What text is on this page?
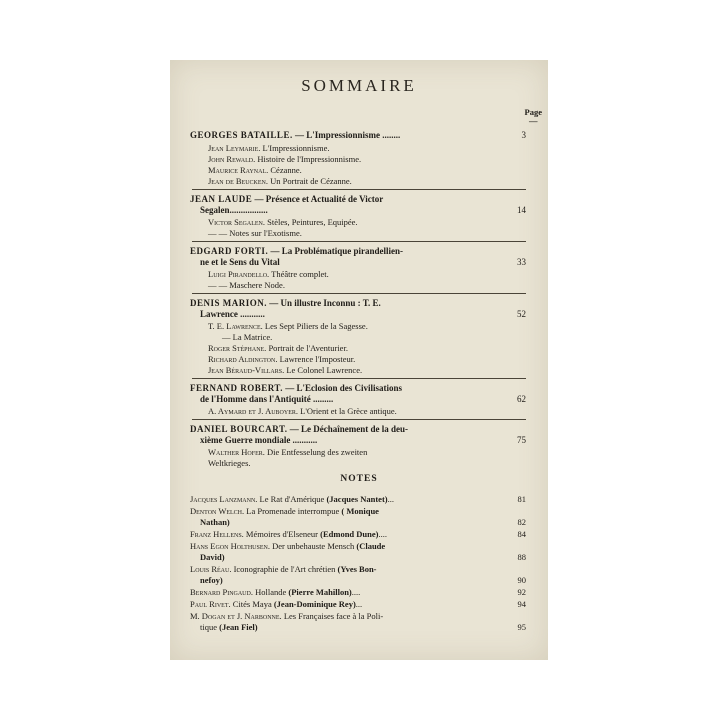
SOMMAIRE
Page
—
GEORGES BATAILLE. — L'Impressionnisme ........	3
Jean Leymarie. L'Impressionnisme.
John Rewald. Histoire de l'Impressionnisme.
Maurice Raynal. Cézanne.
Jean de Beucken. Un Portrait de Cézanne.
JEAN LAUDE — Présence et Actualité de Victor
Segalen.................	14
Victor Segalen. Stèles, Peintures, Equipée.
— — Notes sur l'Exotisme.
EDGARD FORTI. — La Problématique pirandellien-
ne et le Sens du Vital	33
Luigi Pirandello. Théâtre complet.
— — Maschere Node.
DENIS MARION. — Un illustre Inconnu : T. E.
Lawrence ...........	52
T. E. Lawrence. Les Sept Piliers de la Sagesse.
— La Matrice.
Roger Stéphane. Portrait de l'Aventurier.
Richard Aldington. Lawrence l'Imposteur.
Jean Béraud-Villars. Le Colonel Lawrence.
FERNAND ROBERT. — L'Eclosion des Civilisations
de l'Homme dans l'Antiquité .........	62
A. Aymard et J. Auboyer. L'Orient et la Grèce antique.
DANIEL BOURCART. — Le Déchaînement de la deu-
xième Guerre mondiale ...........	75
Walther Hofer. Die Entfesselung des zweiten
Weltkrieges.
NOTES
Jacques Lanzmann. Le Rat d'Amérique (Jacques Nantet)...	81
Denton Welch. La Promenade interrompue ( Monique
Nathan)	82
Franz Hellens. Mémoires d'Elseneur (Edmond Dune)....	84
Hans Egon Holthusen. Der unbehauste Mensch (Claude
David)	88
Louis Réau. Iconographie de l'Art chrétien (Yves Bon-
nefoy)	90
Bernard Pingaud. Hollande (Pierre Mahillon)....	92
Paul Rivet. Cités Maya (Jean-Dominique Rey)...	94
M. Dogan et J. Narbonne. Les Françaises face à la Poli-
tique (Jean Fiel)	95
